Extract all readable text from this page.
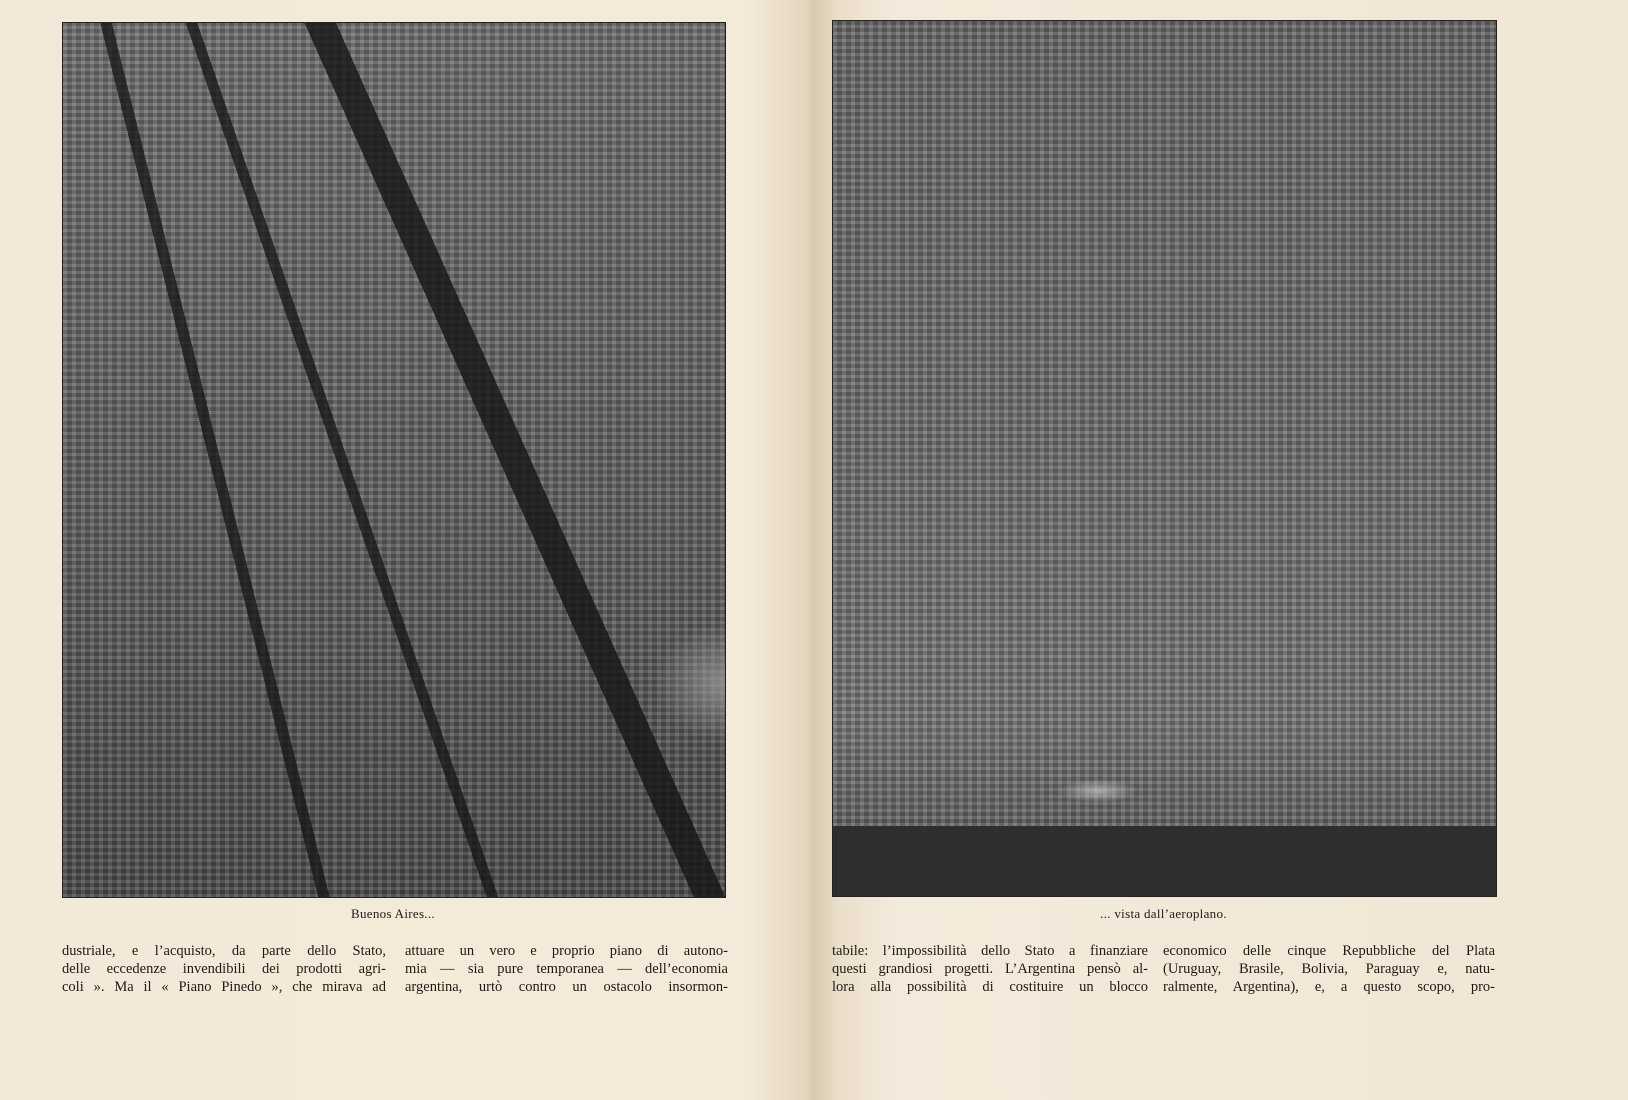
Buenos Aires...	... vista dall’aeroplano.
dustriale, e l’acquisto, da parte dello Stato,
delle eccedenze invendibili dei prodotti agri-
coli ». Ma il « Piano Pinedo », che mirava ad
attuare un vero e proprio piano di autono-
mia — sia pure temporanea — dell’economia
argentina, urtò contro un ostacolo insormon-
tabile: l’impossibilità dello Stato a finanziare
questi grandiosi progetti. L’Argentina pensò al-
lora alla possibilità di costituire un blocco
economico delle cinque Repubbliche del Plata
(Uruguay, Brasile, Bolivia, Paraguay e, natu-
ralmente, Argentina), e, a questo scopo, pro-
